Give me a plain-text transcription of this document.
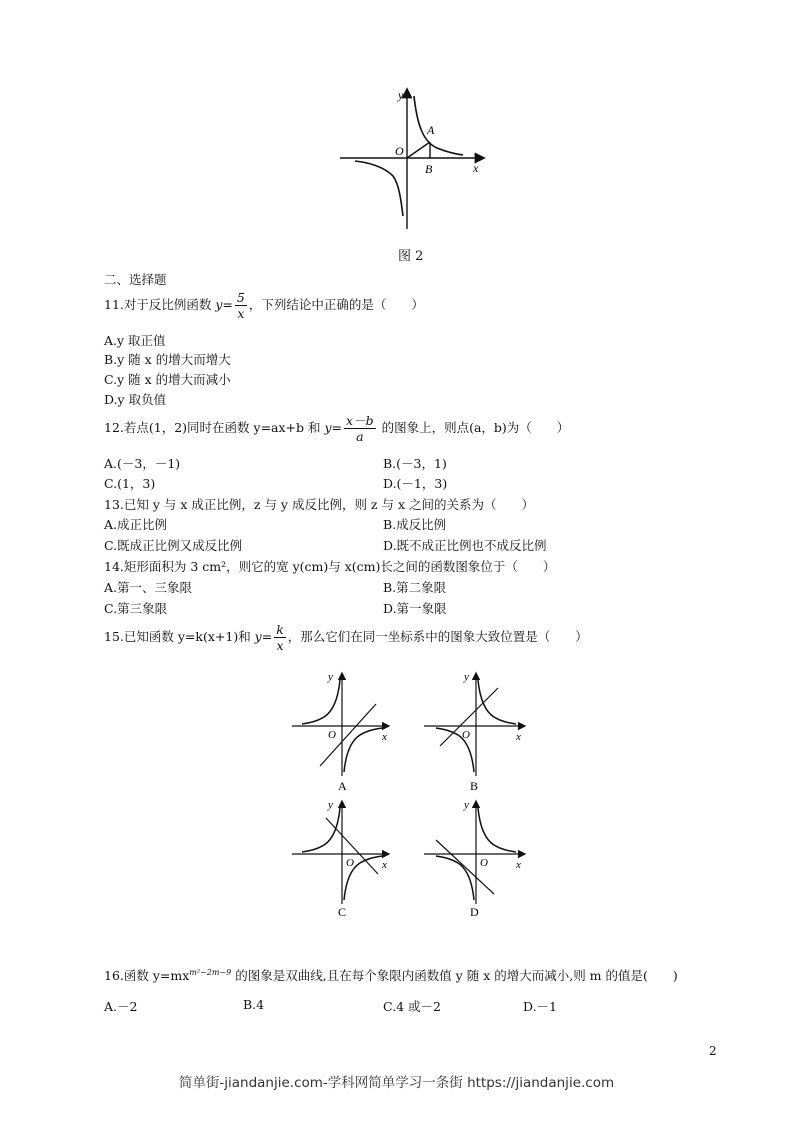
y
x
O
A
B
图 2
二、选择题
11.对于反比例函数 $y= \frac{5}{x}$ ，下列结论中正确的是（　　）
A.y 取正值
B.y 随 x 的增大而增大
C.y 随 x 的增大而减小
D.y 取负值
12.若点(1，2)同时在函数 y=ax+b 和 $y= \frac{x-b}{a}$ 的图象上，则点(a，b)为（　　）
A.(－3，－1)	B.(－3，1)
C.(1，3)	D.(－1，3)
13.已知 y 与 x 成正比例，z 与 y 成反比例，则 z 与 x 之间的关系为（　　）
A.成正比例	B.成反比例
C.既成正比例又成反比例	D.既不成正比例也不成反比例
14.矩形面积为 3 cm²，则它的宽 y(cm)与 x(cm)长之间的函数图象位于（　　）
A.第一、三象限	B.第二象限
C.第三象限	D.第一象限
15.已知函数 y=k(x+1)和 $y= \frac{k}{x}$ ，那么它们在同一坐标系中的图象大致位置是（　　）
y
x
O
A
y
x
O
B
y
x
O
C
y
x
O
D
16.函数 $y=mx^{m^2-2m-9}$ 的图象是双曲线,且在每个象限内函数值 y 随 x 的增大而减小,则 m 的值是(　　)
A.－2	B.4	C.4 或－2	D.－1
2
简单街-jiandanjie.com-学科网简单学习一条街 https://jiandanjie.com
